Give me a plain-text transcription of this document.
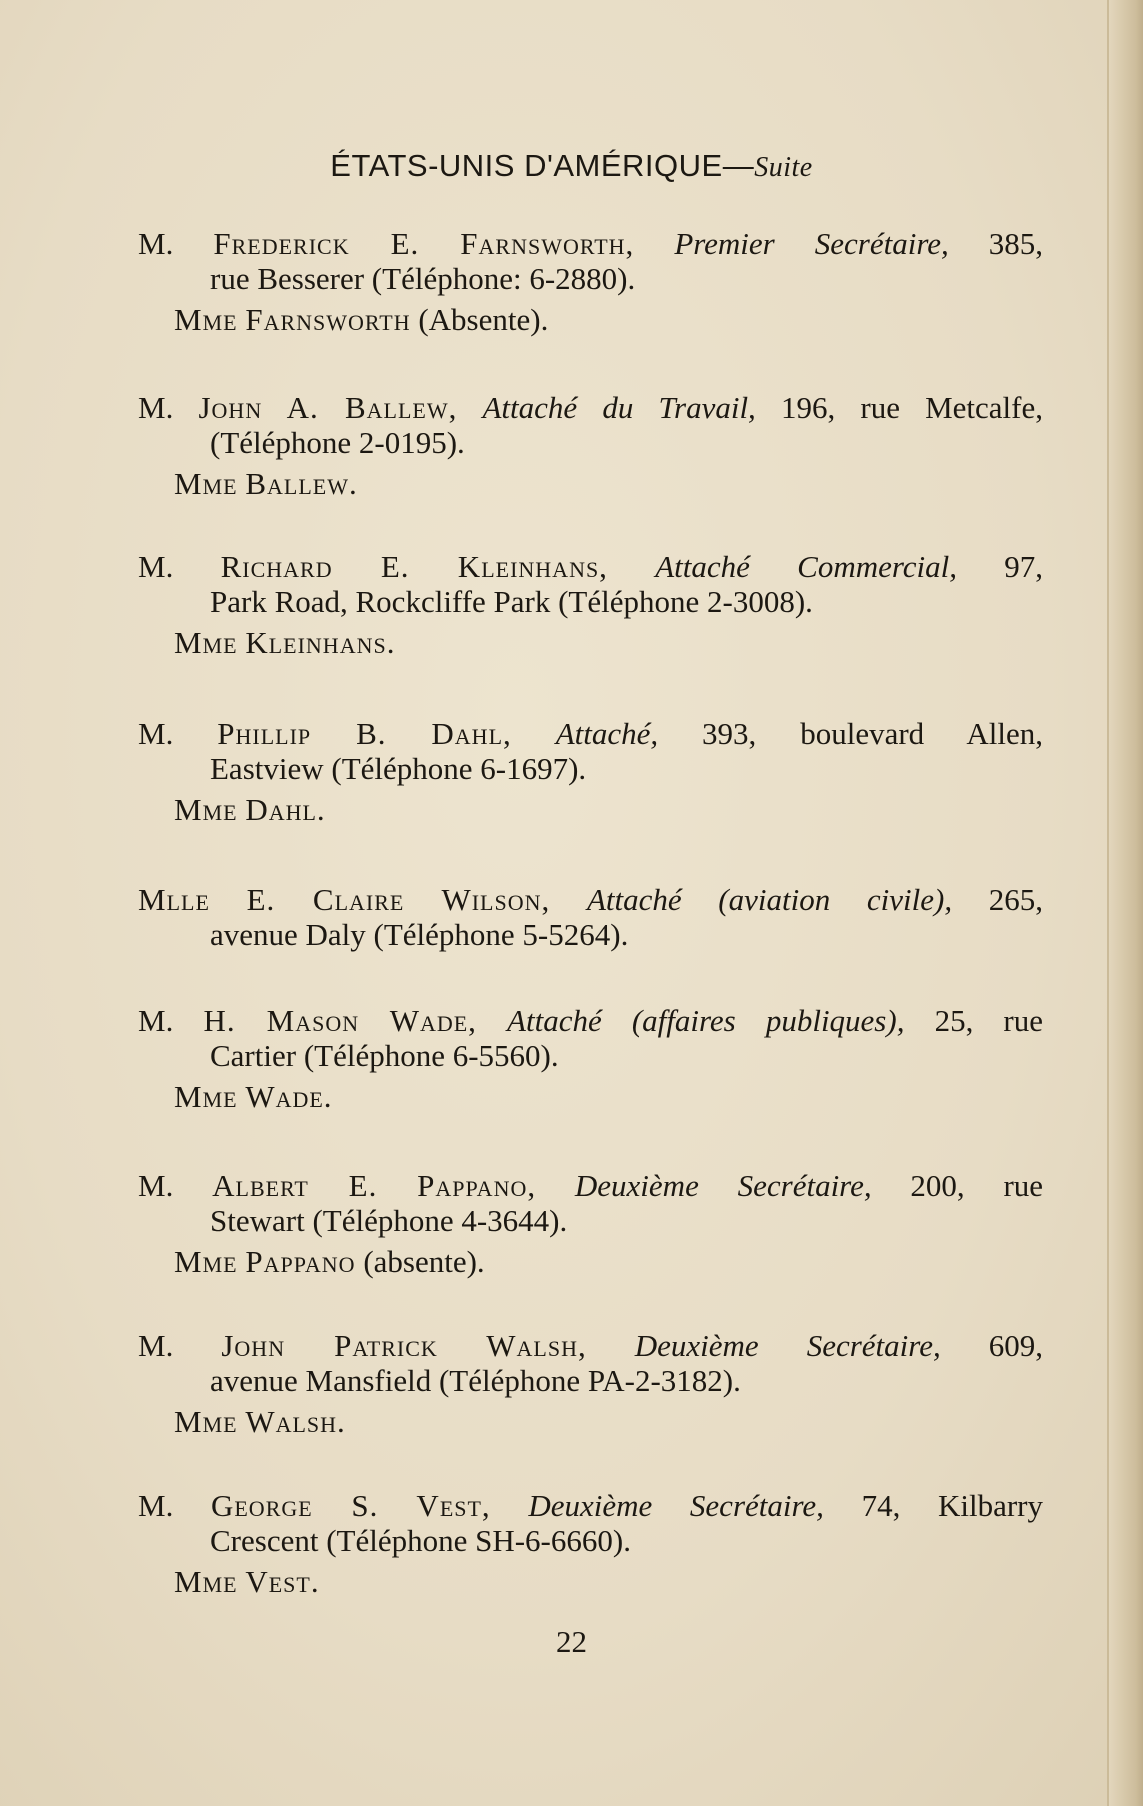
ÉTATS-UNIS D'AMÉRIQUE—Suite
M. Frederick E. Farnsworth, Premier Secrétaire, 385,
rue Besserer (Téléphone: 6-2880).
Mme Farnsworth (Absente).
M. John A. Ballew, Attaché du Travail, 196, rue Metcalfe,
(Téléphone 2-0195).
Mme Ballew.
M. Richard E. Kleinhans, Attaché Commercial, 97,
Park Road, Rockcliffe Park (Téléphone 2-3008).
Mme Kleinhans.
M. Phillip B. Dahl, Attaché, 393, boulevard Allen,
Eastview (Téléphone 6-1697).
Mme Dahl.
Mlle E. Claire Wilson, Attaché (aviation civile), 265,
avenue Daly (Téléphone 5-5264).
M. H. Mason Wade, Attaché (affaires publiques), 25, rue
Cartier (Téléphone 6-5560).
Mme Wade.
M. Albert E. Pappano, Deuxième Secrétaire, 200, rue
Stewart (Téléphone 4-3644).
Mme Pappano (absente).
M. John Patrick Walsh, Deuxième Secrétaire, 609,
avenue Mansfield (Téléphone PA-2-3182).
Mme Walsh.
M. George S. Vest, Deuxième Secrétaire, 74, Kilbarry
Crescent (Téléphone SH-6-6660).
Mme Vest.
22
